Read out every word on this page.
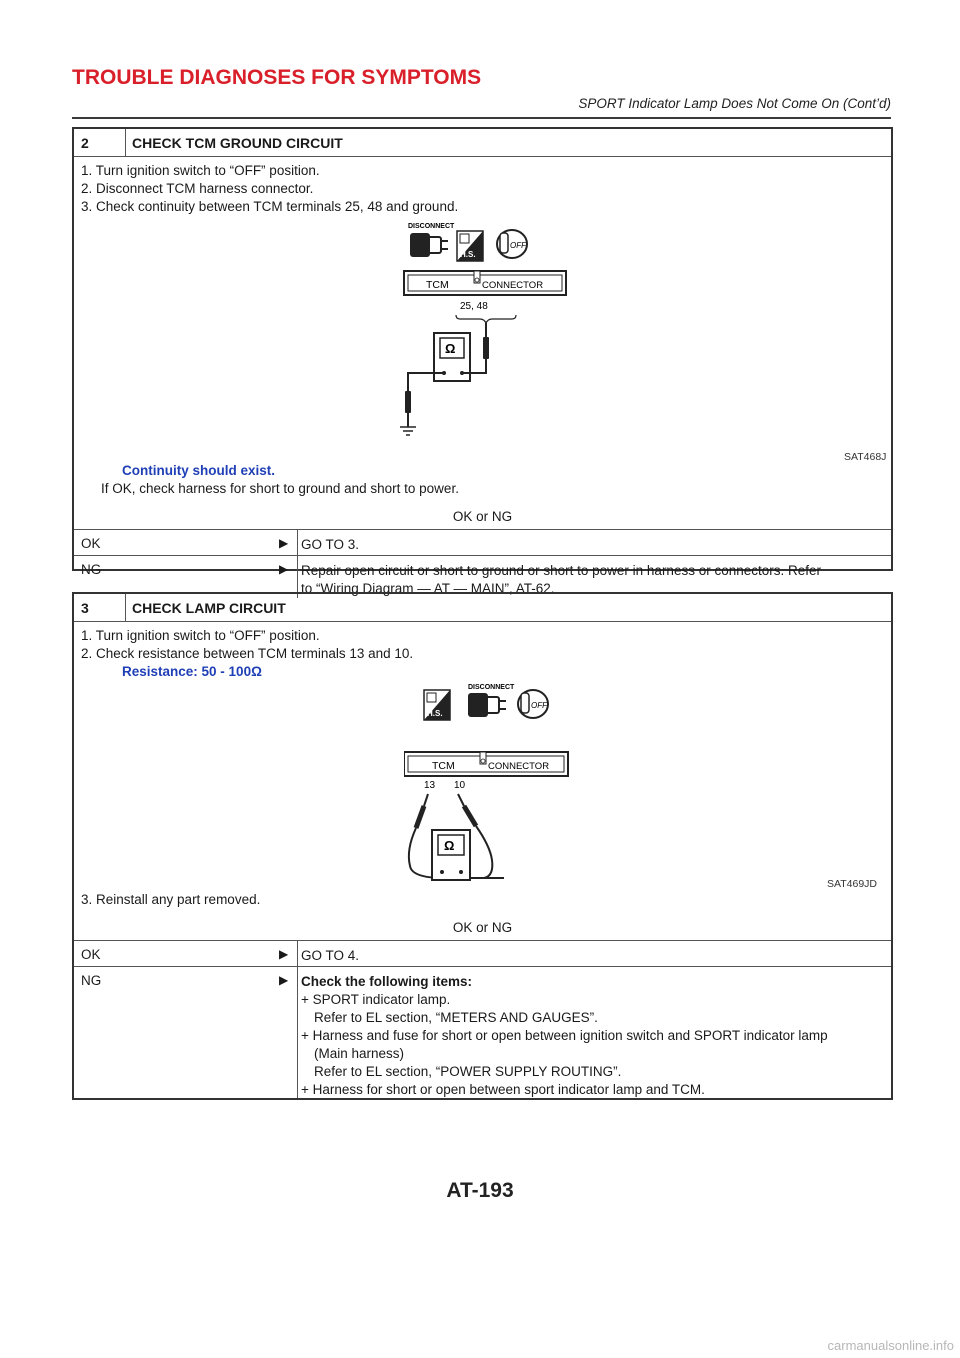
TROUBLE DIAGNOSES FOR SYMPTOMS
SPORT Indicator Lamp Does Not Come On (Cont’d)
2	CHECK TCM GROUND CIRCUIT
1. Turn ignition switch to “OFF” position.
2. Disconnect TCM harness connector.
3. Check continuity between TCM terminals 25, 48 and ground.
DISCONNECT
H.S.
OFF
TCM	CONNECTOR
25, 48
Ω
SAT468J
Continuity should exist.
If OK, check harness for short to ground and short to power.
OK or NG
OK	▶ GO TO 3.
NG	▶ Repair open circuit or short to ground or short to power in harness or connectors. Refer
to “Wiring Diagram — AT — MAIN”, AT-62.
3	CHECK LAMP CIRCUIT
1. Turn ignition switch to “OFF” position.
2. Check resistance between TCM terminals 13 and 10.
Resistance: 50 - 100Ω
H.S.
DISCONNECT
OFF
TCM	CONNECTOR
13 10
Ω
SAT469JD
3. Reinstall any part removed.
OK or NG
OK	▶ GO TO 4.
NG	▶ Check the following items:
+ SPORT indicator lamp.
Refer to EL section, “METERS AND GAUGES”.
+ Harness and fuse for short or open between ignition switch and SPORT indicator lamp
(Main harness)
Refer to EL section, “POWER SUPPLY ROUTING”.
+ Harness for short or open between sport indicator lamp and TCM.
AT-193
carmanualsonline.info
